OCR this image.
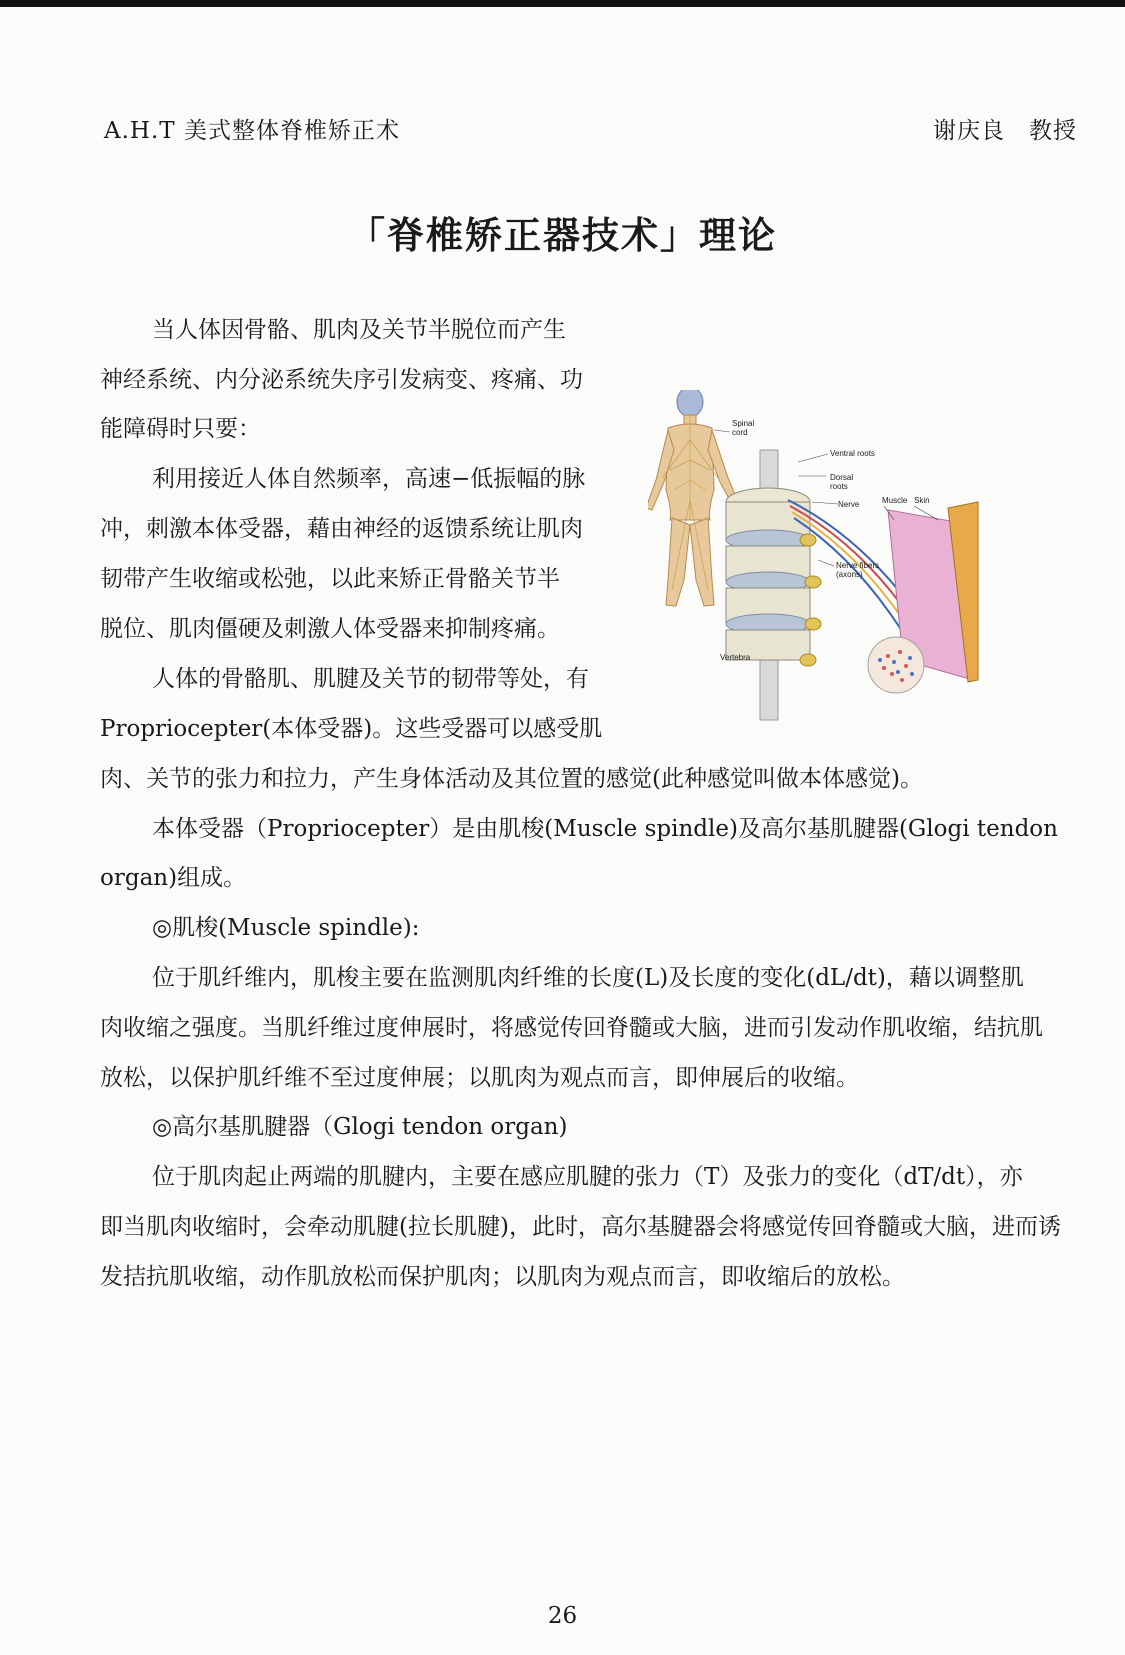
A.H.T 美式整体脊椎矫正术	谢庆良　教授
「脊椎矫正器技术」理论
当人体因骨骼、肌肉及关节半脱位而产生
神经系统、内分泌系统失序引发病变、疼痛、功
能障碍时只要：
利用接近人体自然频率，高速−低振幅的脉
冲，刺激本体受器，藉由神经的返馈系统让肌肉
韧带产生收缩或松弛，以此来矫正骨骼关节半
脱位、肌肉僵硬及刺激人体受器来抑制疼痛。
人体的骨骼肌、肌腱及关节的韧带等处，有
Propriocepter(本体受器)。这些受器可以感受肌
肉、关节的张力和拉力，产生身体活动及其位置的感觉(此种感觉叫做本体感觉)。
本体受器（Propriocepter）是由肌梭(Muscle spindle)及高尔基肌腱器(Glogi tendon
organ)组成。
◎肌梭(Muscle spindle):
位于肌纤维内，肌梭主要在监测肌肉纤维的长度(L)及长度的变化(dL/dt)，藉以调整肌
肉收缩之强度。当肌纤维过度伸展时，将感觉传回脊髓或大脑，进而引发动作肌收缩，结抗肌
放松，以保护肌纤维不至过度伸展；以肌肉为观点而言，即伸展后的收缩。
◎高尔基肌腱器（Glogi tendon organ)
位于肌肉起止两端的肌腱内，主要在感应肌腱的张力（T）及张力的变化（dT/dt），亦
即当肌肉收缩时，会牵动肌腱(拉长肌腱)，此时，高尔基腱器会将感觉传回脊髓或大脑，进而诱
发拮抗肌收缩，动作肌放松而保护肌肉；以肌肉为观点而言，即收缩后的放松。
Spinal
cord
Ventral roots
Dorsal
roots
Nerve	Muscle Skin
Nerve fibers
(axons)
Vertebra
26
